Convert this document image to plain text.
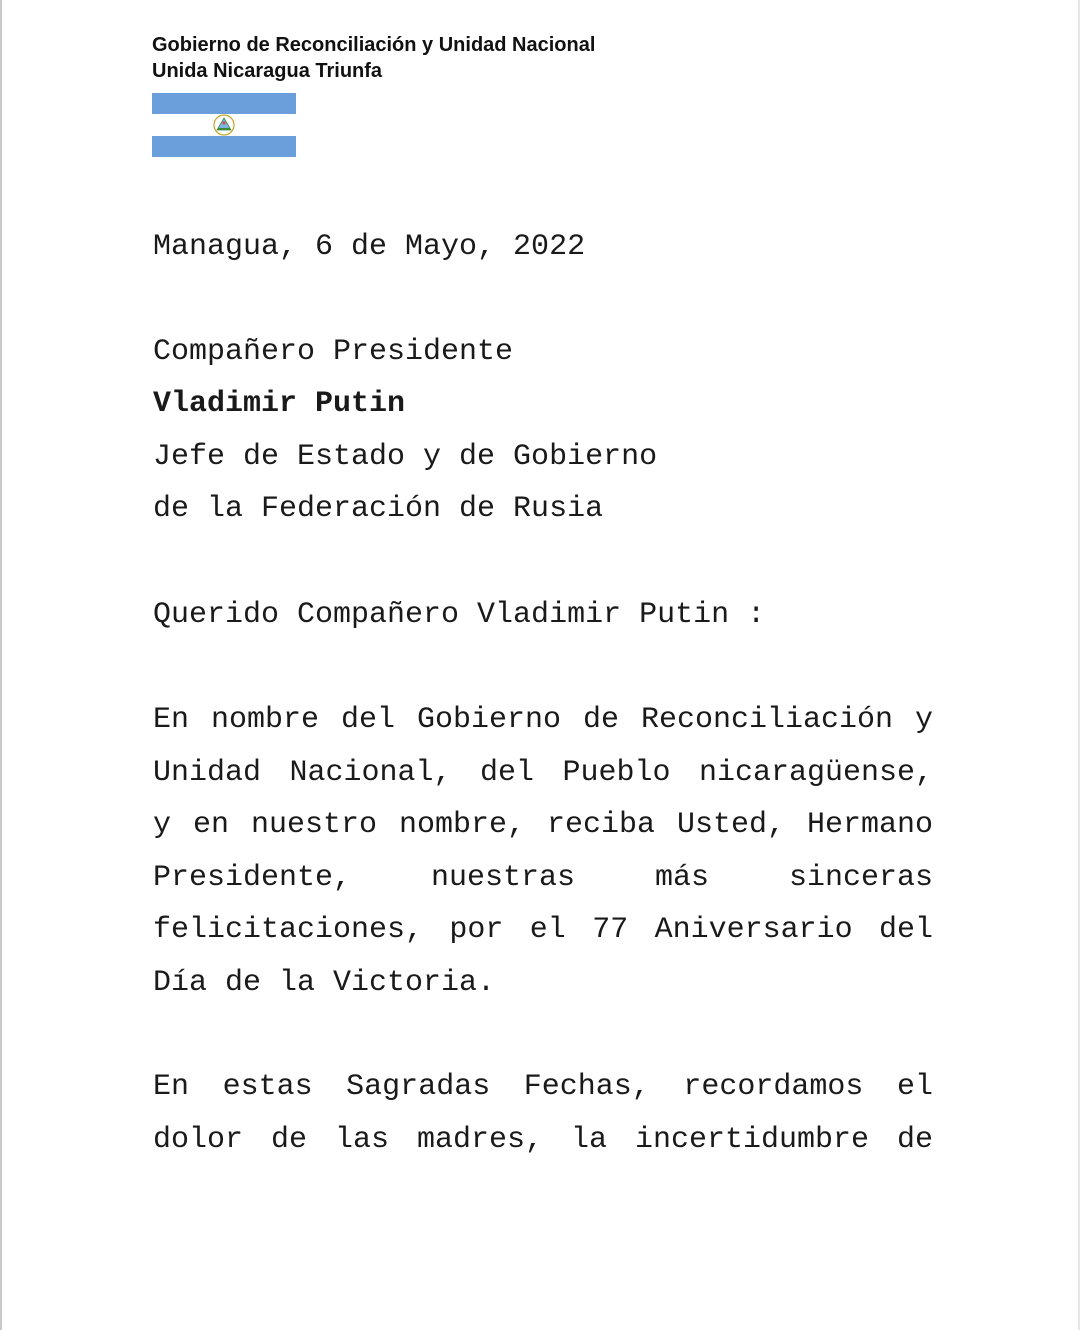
Gobierno de Reconciliación y Unidad Nacional
Unida Nicaragua Triunfa
Managua, 6 de Mayo, 2022
Compañero Presidente
Vladimir Putin
Jefe de Estado y de Gobierno
de la Federación de Rusia
Querido Compañero Vladimir Putin :
En nombre del Gobierno de Reconciliación y
Unidad Nacional, del Pueblo nicaragüense,
y en nuestro nombre, reciba Usted, Hermano
Presidente, nuestras más sinceras
felicitaciones, por el 77 Aniversario del
Día de la Victoria.
En estas Sagradas Fechas, recordamos el
dolor de las madres, la incertidumbre de
